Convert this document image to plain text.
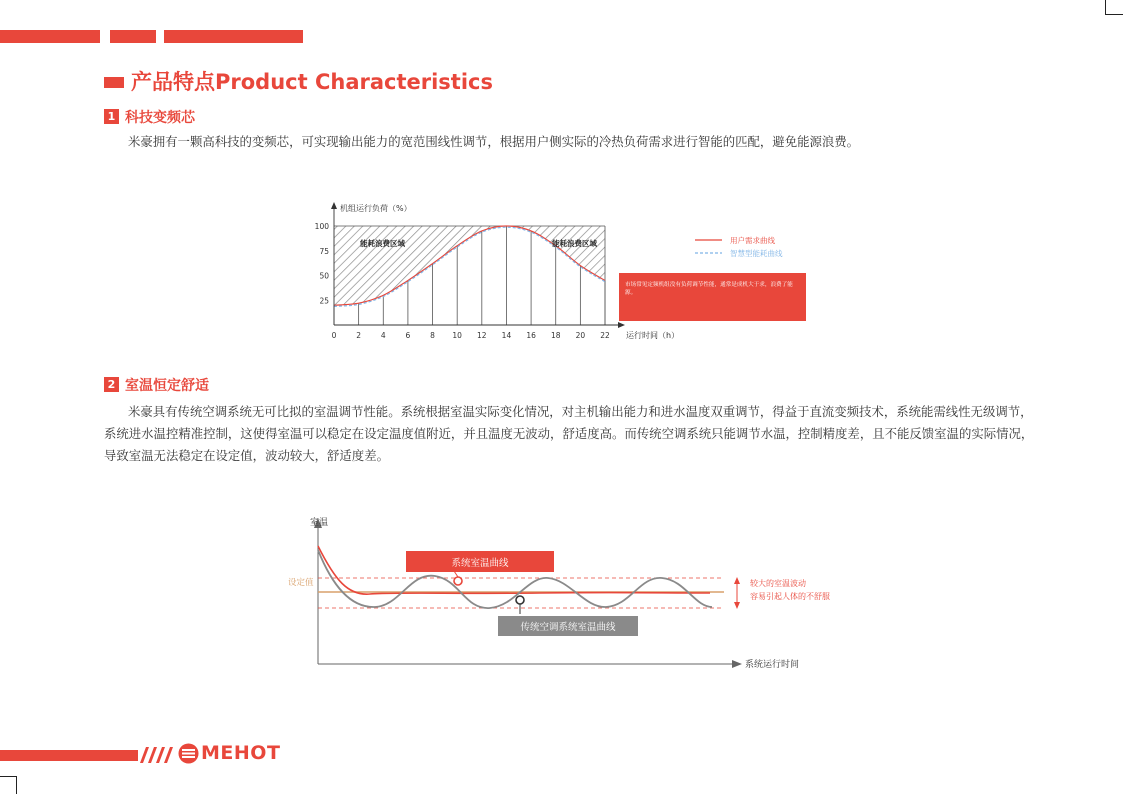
产品特点Product Characteristics
1 科技变频芯
米豪拥有一颗高科技的变频芯，可实现输出能力的宽范围线性调节，根据用户侧实际的冷热负荷需求进行智能的匹配，避免能源浪费。
0	2	4	6	8 10 12 14 16 18 20 22
100
75
50
25
机组运行负荷（%）
运行时间（h）
能耗浪费区域	能耗浪费区域	用户需求曲线
智慧型能耗曲线
市场常见定频机组没有负荷调节性能，通常是成机大于求，浪费了能源。
2 室温恒定舒适
米豪具有传统空调系统无可比拟的室温调节性能。系统根据室温实际变化情况，对主机输出能力和进水温度双重调节，得益于直流变频技术，系统能需线性无级调节，系统进水温控精准控制，这使得室温可以稳定在设定温度值附近，并且温度无波动，舒适度高。而传统空调系统只能调节水温，控制精度差，且不能反馈室温的实际情况，导致室温无法稳定在设定值，波动较大，舒适度差。
室温
系统运行时间
设定值
系统室温曲线
传统空调系统室温曲线
较大的室温波动
容易引起人体的不舒服
MEHOT
